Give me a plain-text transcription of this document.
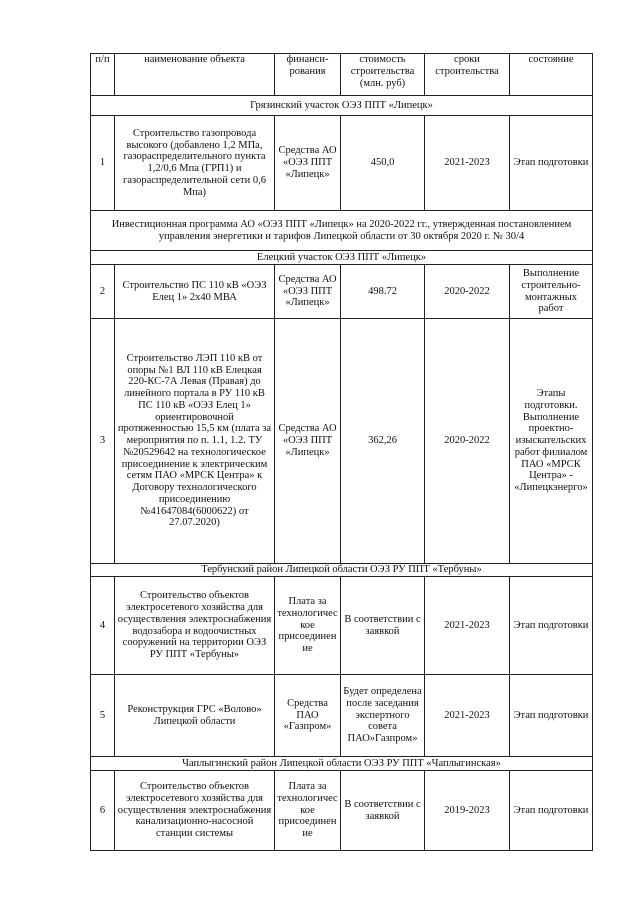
п/п	наименование объекта	финанси-рования	стоимость строительства (млн. руб)	сроки строительства	состояние
Грязинский участок ОЭЗ ППТ «Липецк»					
1	Строительство газопровода высокого (добавлено 1,2 МПа, газораспределительного пункта 1,2/0,6 Мпа (ГРП1) и газораспределительной сети 0,6 Мпа)	Средства АО «ОЭЗ ППТ «Липецк»	450,0	2021-2023	Этап подготовки
Инвестиционная программа АО «ОЭЗ ППТ «Липецк» на 2020-2022 гг., утвержденная постановлением управления энергетики и тарифов Липецкой области от 30 октября 2020 г. № 30/4					
Елецкий участок ОЭЗ ППТ «Липецк»					
2	Строительство ПС 110 кВ «ОЭЗ Елец 1» 2х40 МВА	Средства АО «ОЭЗ ППТ «Липецк»	498.72	2020-2022	Выполнение строительно-монтажных работ
3	Строительство ЛЭП 110 кВ от опоры №1 ВЛ 110 кВ Елецкая 220-КС-7А Левая (Правая) до линейного портала в РУ 110 кВ ПС 110 кВ «ОЭЗ Елец 1» ориентировочной протяженностью 15,5 км (плата за мероприятия по п. 1.1, 1.2. ТУ №20529642 на технологическое присоединение к электрическим сетям ПАО «МРСК Центра» к Договору технологического присоединению №41647084(6000622) от 27.07.2020)	Средства АО «ОЭЗ ППТ «Липецк»	362,26	2020-2022	Этапы подготовки. Выполнение проектно-изыскательских работ филиалом ПАО «МРСК Центра» - «Липецкэнерго»
Тербунский район Липецкой области ОЭЗ РУ ППТ «Тербуны»					
4	Строительство объектов электросетевого хозяйства для осуществления электроснабжения водозабора и водоочистных сооружений на территории ОЭЗ РУ ППТ «Тербуны»	Плата за технологическое присоединение	В соответствии с заявкой	2021-2023	Этап подготовки
5	Реконструкция ГРС «Волово» Липецкой области	Средства ПАО «Газпром»	Будет определена после заседания экспертного совета ПАО»Газпром»	2021-2023	Этап подготовки
Чаплыгинский район Липецкой области ОЭЗ РУ ППТ «Чаплыгинская»					
6	Строительство объектов электросетевого хозяйства для осуществления электроснабжения канализационно-насосной станции системы	Плата за технологическое присоединение	В соответствии с заявкой	2019-2023	Этап подготовки
